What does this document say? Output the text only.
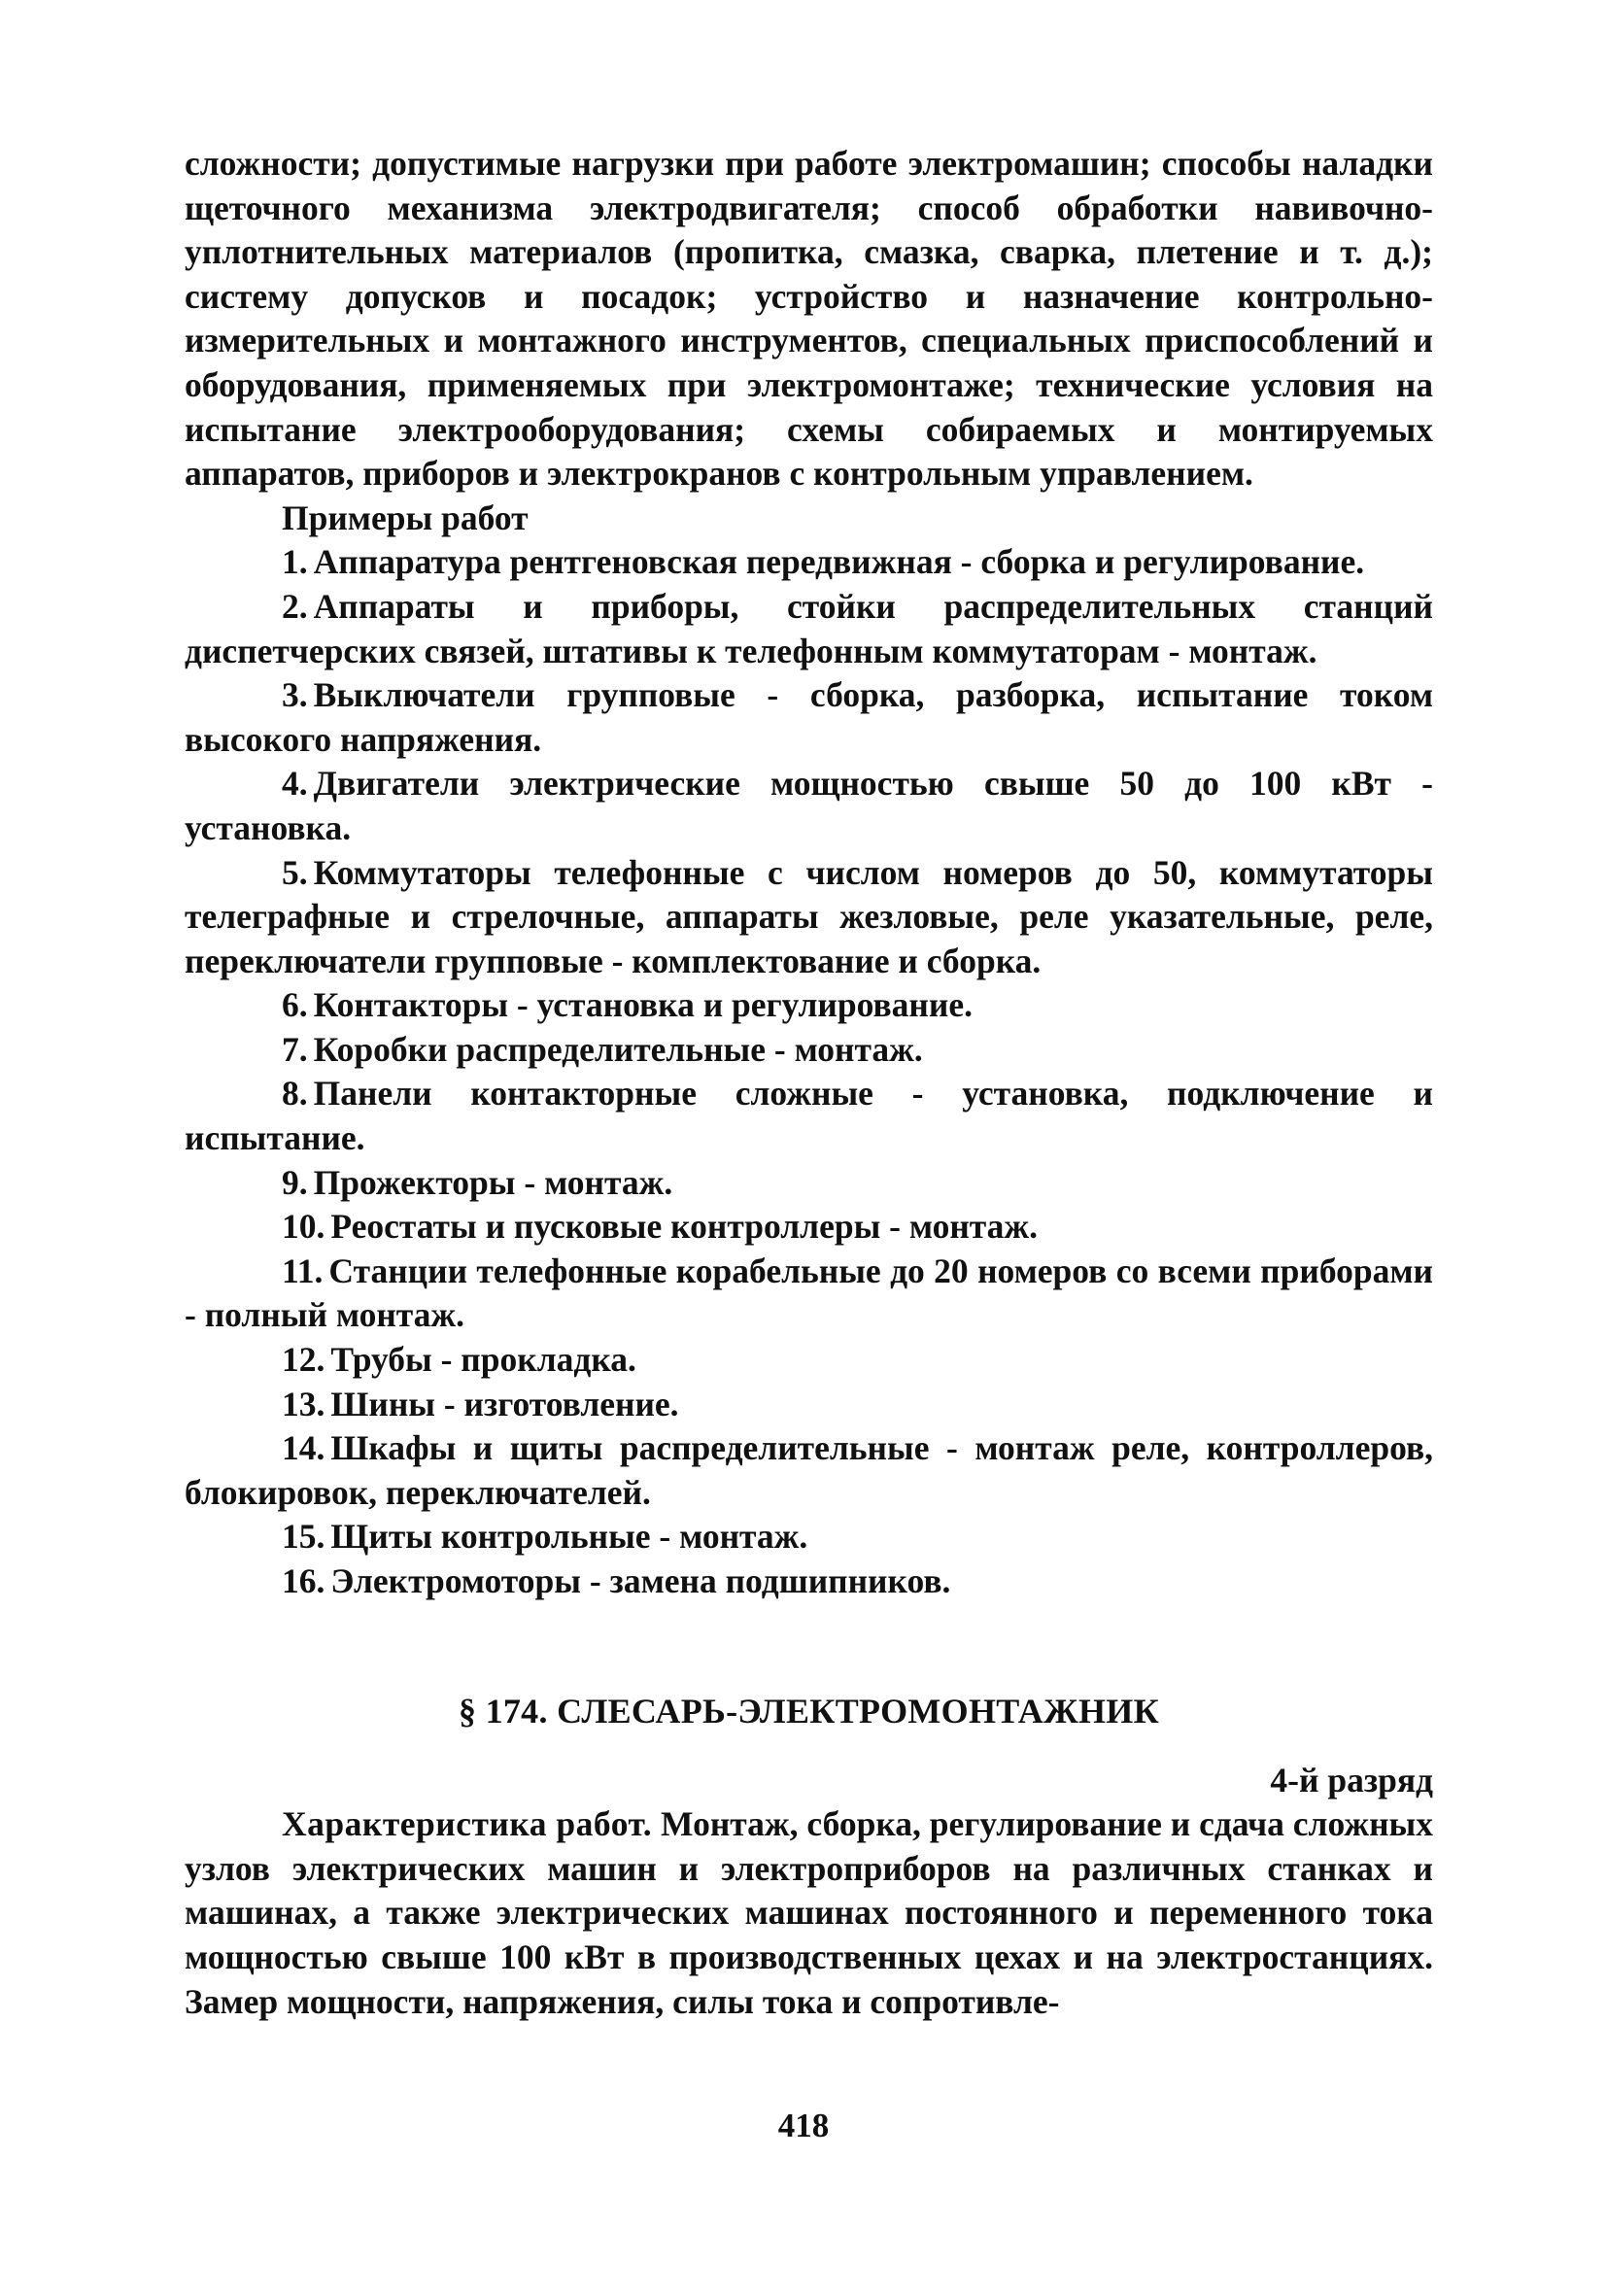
сложности; допустимые нагрузки при работе электромашин; способы наладки щеточного механизма электродвигателя; способ обработки навивочно-уплотнительных материалов (пропитка, смазка, сварка, плетение и т. д.); систему допусков и посадок; устройство и назначение контрольно-измерительных и монтажного инструментов, специальных приспособлений и оборудования, применяемых при электромонтаже; технические условия на испытание электрооборудования; схемы собираемых и монтируемых аппаратов, приборов и электрокранов с контрольным управлением.

Примеры работ

1. Аппаратура рентгеновская передвижная - сборка и регулирование.
2. Аппараты и приборы, стойки распределительных станций диспетчерских связей, штативы к телефонным коммутаторам - монтаж.
3. Выключатели групповые - сборка, разборка, испытание током высокого напряжения.
4. Двигатели электрические мощностью свыше 50 до 100 кВт - установка.
5. Коммутаторы телефонные с числом номеров до 50, коммутаторы телеграфные и стрелочные, аппараты жезловые, реле указательные, реле, переключатели групповые - комплектование и сборка.
6. Контакторы - установка и регулирование.
7. Коробки распределительные - монтаж.
8. Панели контакторные сложные - установка, подключение и испытание.
9. Прожекторы - монтаж.
10. Реостаты и пусковые контроллеры - монтаж.
11. Станции телефонные корабельные до 20 номеров со всеми приборами - полный монтаж.
12. Трубы - прокладка.
13. Шины - изготовление.
14. Шкафы и щиты распределительные - монтаж реле, контроллеров, блокировок, переключателей.
15. Щиты контрольные - монтаж.
16. Электромоторы - замена подшипников.
§ 174. СЛЕСАРЬ-ЭЛЕКТРОМОНТАЖНИК

4-й разряд

Характеристика работ. Монтаж, сборка, регулирование и сдача сложных узлов электрических машин и электроприборов на различных станках и машинах, а также электрических машинах постоянного и переменного тока мощностью свыше 100 кВт в производственных цехах и на электростанциях. Замер мощности, напряжения, силы тока и сопротивле-

418
